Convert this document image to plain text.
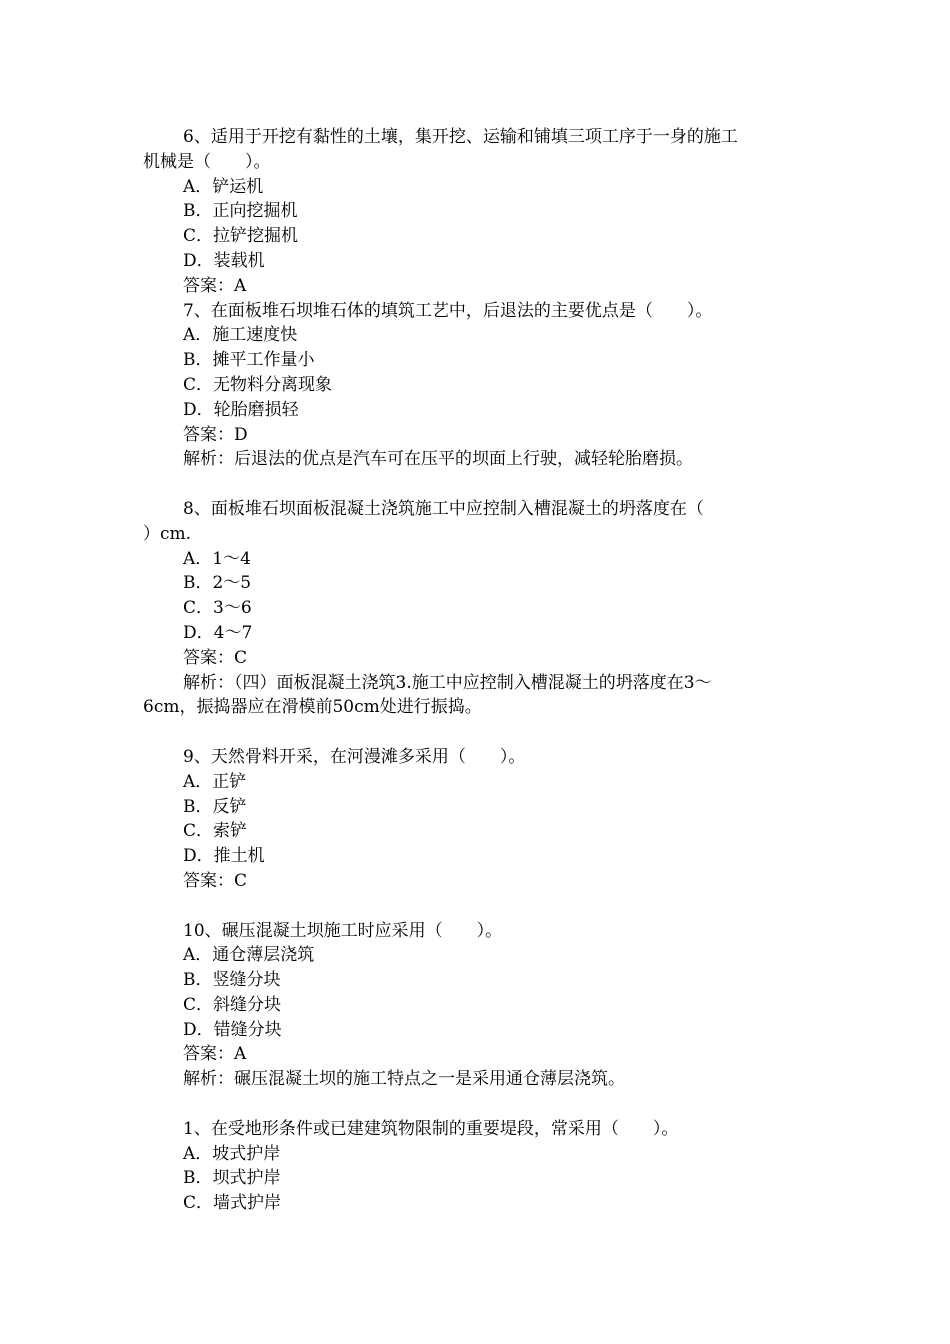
6、适用于开挖有黏性的土壤，集开挖、运输和铺填三项工序于一身的施工
机械是（　　）。
A．铲运机
B．正向挖掘机
C．拉铲挖掘机
D．装载机
答案：A
7、在面板堆石坝堆石体的填筑工艺中，后退法的主要优点是（　　）。
A．施工速度快
B．摊平工作量小
C．无物料分离现象
D．轮胎磨损轻
答案：D
解析：后退法的优点是汽车可在压平的坝面上行驶，减轻轮胎磨损。
8、面板堆石坝面板混凝土浇筑施工中应控制入槽混凝土的坍落度在（
）cm.
A．1～4
B．2～5
C．3～6
D．4～7
答案：C
解析：（四）面板混凝土浇筑3.施工中应控制入槽混凝土的坍落度在3～
6cm，振捣器应在滑模前50cm处进行振捣。
9、天然骨料开采，在河漫滩多采用（　　）。
A．正铲
B．反铲
C．索铲
D．推土机
答案：C
10、碾压混凝土坝施工时应采用（　　）。
A．通仓薄层浇筑
B．竖缝分块
C．斜缝分块
D．错缝分块
答案：A
解析：碾压混凝土坝的施工特点之一是采用通仓薄层浇筑。
1、在受地形条件或已建建筑物限制的重要堤段，常采用（　　）。
A．坡式护岸
B．坝式护岸
C．墙式护岸
